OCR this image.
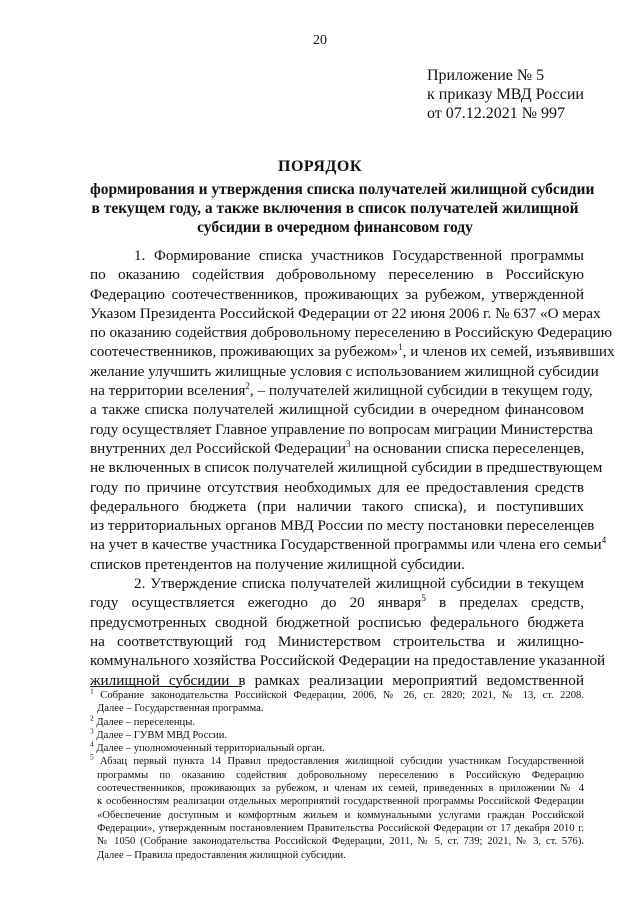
20
Приложение № 5
к приказу МВД России
от 07.12.2021 № 997
ПОРЯДОК
формирования и утверждения списка получателей жилищной субсидии
в текущем году, а также включения в список получателей жилищной
субсидии в очередном финансовом году
1. Формирование списка участников Государственной программы
по оказанию содействия добровольному переселению в Российскую
Федерацию соотечественников, проживающих за рубежом, утвержденной
Указом Президента Российской Федерации от 22 июня 2006 г. № 637 «О мерах
по оказанию содействия добровольному переселению в Российскую Федерацию
соотечественников, проживающих за рубежом»$^1$, и членов их семей, изъявивших
желание улучшить жилищные условия с использованием жилищной субсидии
на территории вселения$^2$, – получателей жилищной субсидии в текущем году,
а также списка получателей жилищной субсидии в очередном финансовом
году осуществляет Главное управление по вопросам миграции Министерства
внутренних дел Российской Федерации$^3$ на основании списка переселенцев,
не включенных в список получателей жилищной субсидии в предшествующем
году по причине отсутствия необходимых для ее предоставления средств
федерального бюджета (при наличии такого списка), и поступивших
из территориальных органов МВД России по месту постановки переселенцев
на учет в качестве участника Государственной программы или члена его семьи$^4$
списков претендентов на получение жилищной субсидии.
2. Утверждение списка получателей жилищной субсидии в текущем
году осуществляется ежегодно до 20 января$^5$ в пределах средств,
предусмотренных сводной бюджетной росписью федерального бюджета
на соответствующий год Министерством строительства и жилищно-
коммунального хозяйства Российской Федерации на предоставление указанной
жилищной субсидии в рамках реализации мероприятий ведомственной
$^1$ Собрание законодательства Российской Федерации, 2006, № 26, ст. 2820; 2021, № 13, ст. 2208.
Далее – Государственная программа.
$^2$ Далее – переселенцы.
$^3$ Далее – ГУВМ МВД России.
$^4$ Далее – уполномоченный территориальный орган.
$^5$ Абзац первый пункта 14 Правил предоставления жилищной субсидии участникам Государственной
программы по оказанию содействия добровольному переселению в Российскую Федерацию
соотечественников, проживающих за рубежом, и членам их семей, приведенных в приложении № 4
к особенностям реализации отдельных мероприятий государственной программы Российской Федерации
«Обеспечение доступным и комфортным жильем и коммунальными услугами граждан Российской
Федерации», утвержденным постановлением Правительства Российской Федерации от 17 декабря 2010 г.
№ 1050 (Собрание законодательства Российской Федерации, 2011, № 5, ст. 739; 2021, № 3, ст. 576).
Далее – Правила предоставления жилищной субсидии.
